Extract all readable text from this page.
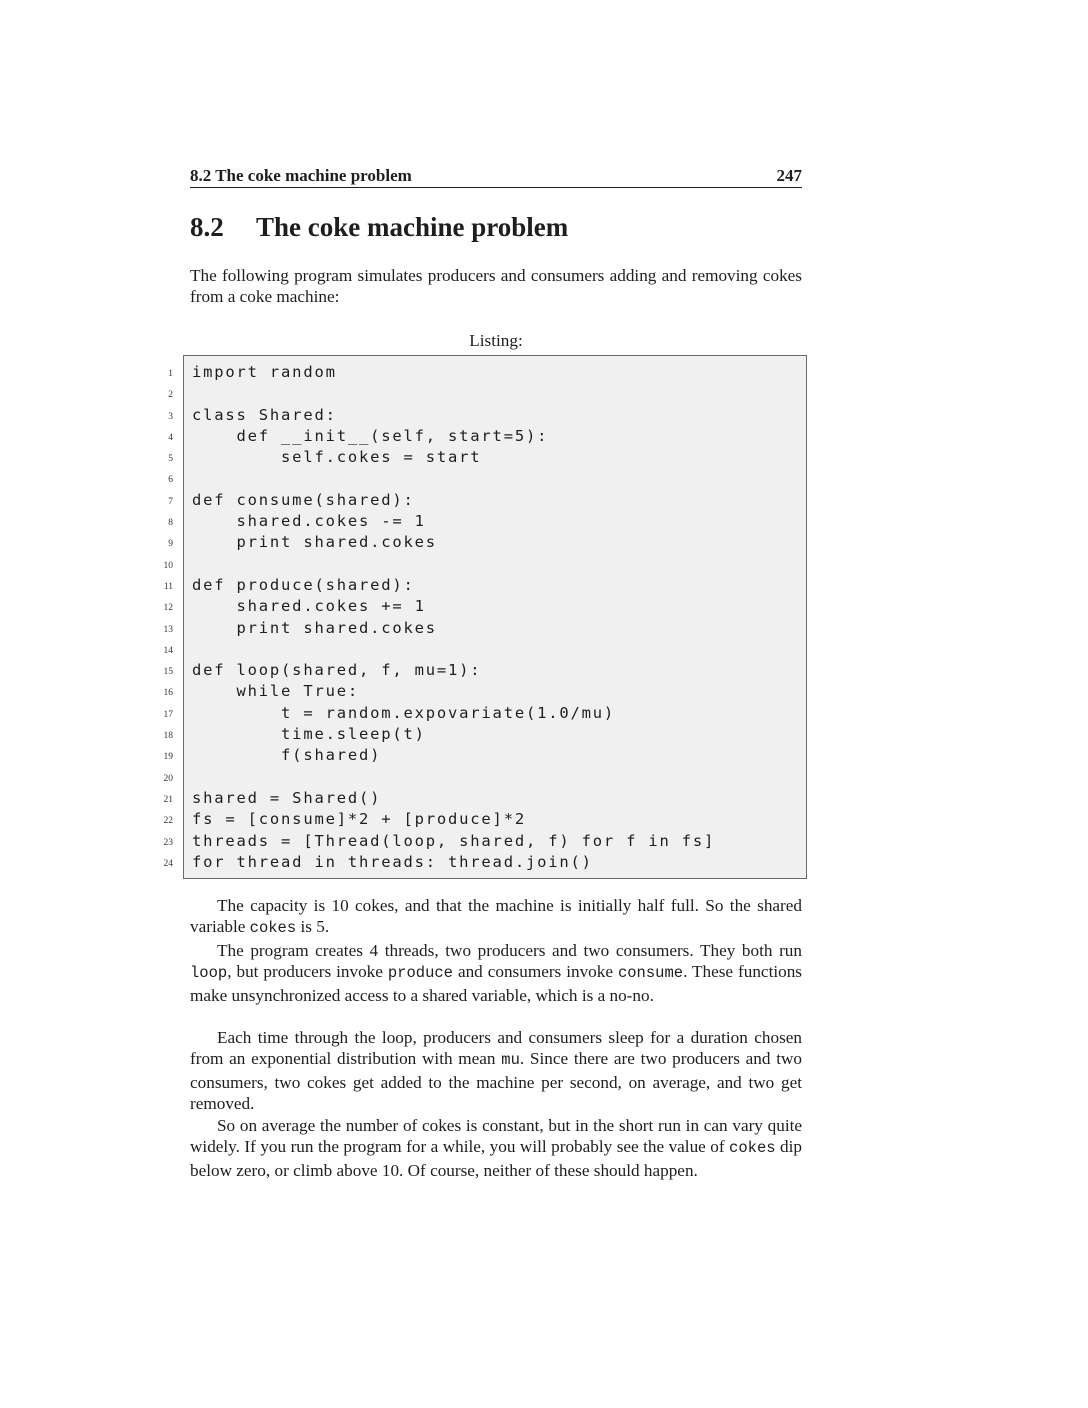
8.2 The coke machine problem	247
8.2 The coke machine problem

The following program simulates producers and consumers adding and removing cokes from a coke machine:

Listing:
1
2
3
4
5
6
7
8
9
10
11
12
13
14
15
16
17
18
19
20
21
22
23
24
import random
class Shared:
def __init__(self, start=5):
self.cokes = start
def consume(shared):
shared.cokes -= 1
print shared.cokes
def produce(shared):
shared.cokes += 1
print shared.cokes
def loop(shared, f, mu=1):
while True:
t = random.expovariate(1.0/mu)
time.sleep(t)
f(shared)
shared = Shared()
fs = [consume]*2 + [produce]*2
threads = [Thread(loop, shared, f) for f in fs]
for thread in threads: thread.join()

The capacity is 10 cokes, and that the machine is initially half full. So the shared variable cokes is 5.

The program creates 4 threads, two producers and two consumers. They both run loop, but producers invoke produce and consumers invoke consume. These functions make unsynchronized access to a shared variable, which is a no-no.

Each time through the loop, producers and consumers sleep for a duration chosen from an exponential distribution with mean mu. Since there are two producers and two consumers, two cokes get added to the machine per second, on average, and two get removed.

So on average the number of cokes is constant, but in the short run in can vary quite widely. If you run the program for a while, you will probably see the value of cokes dip below zero, or climb above 10. Of course, neither of these should happen.
